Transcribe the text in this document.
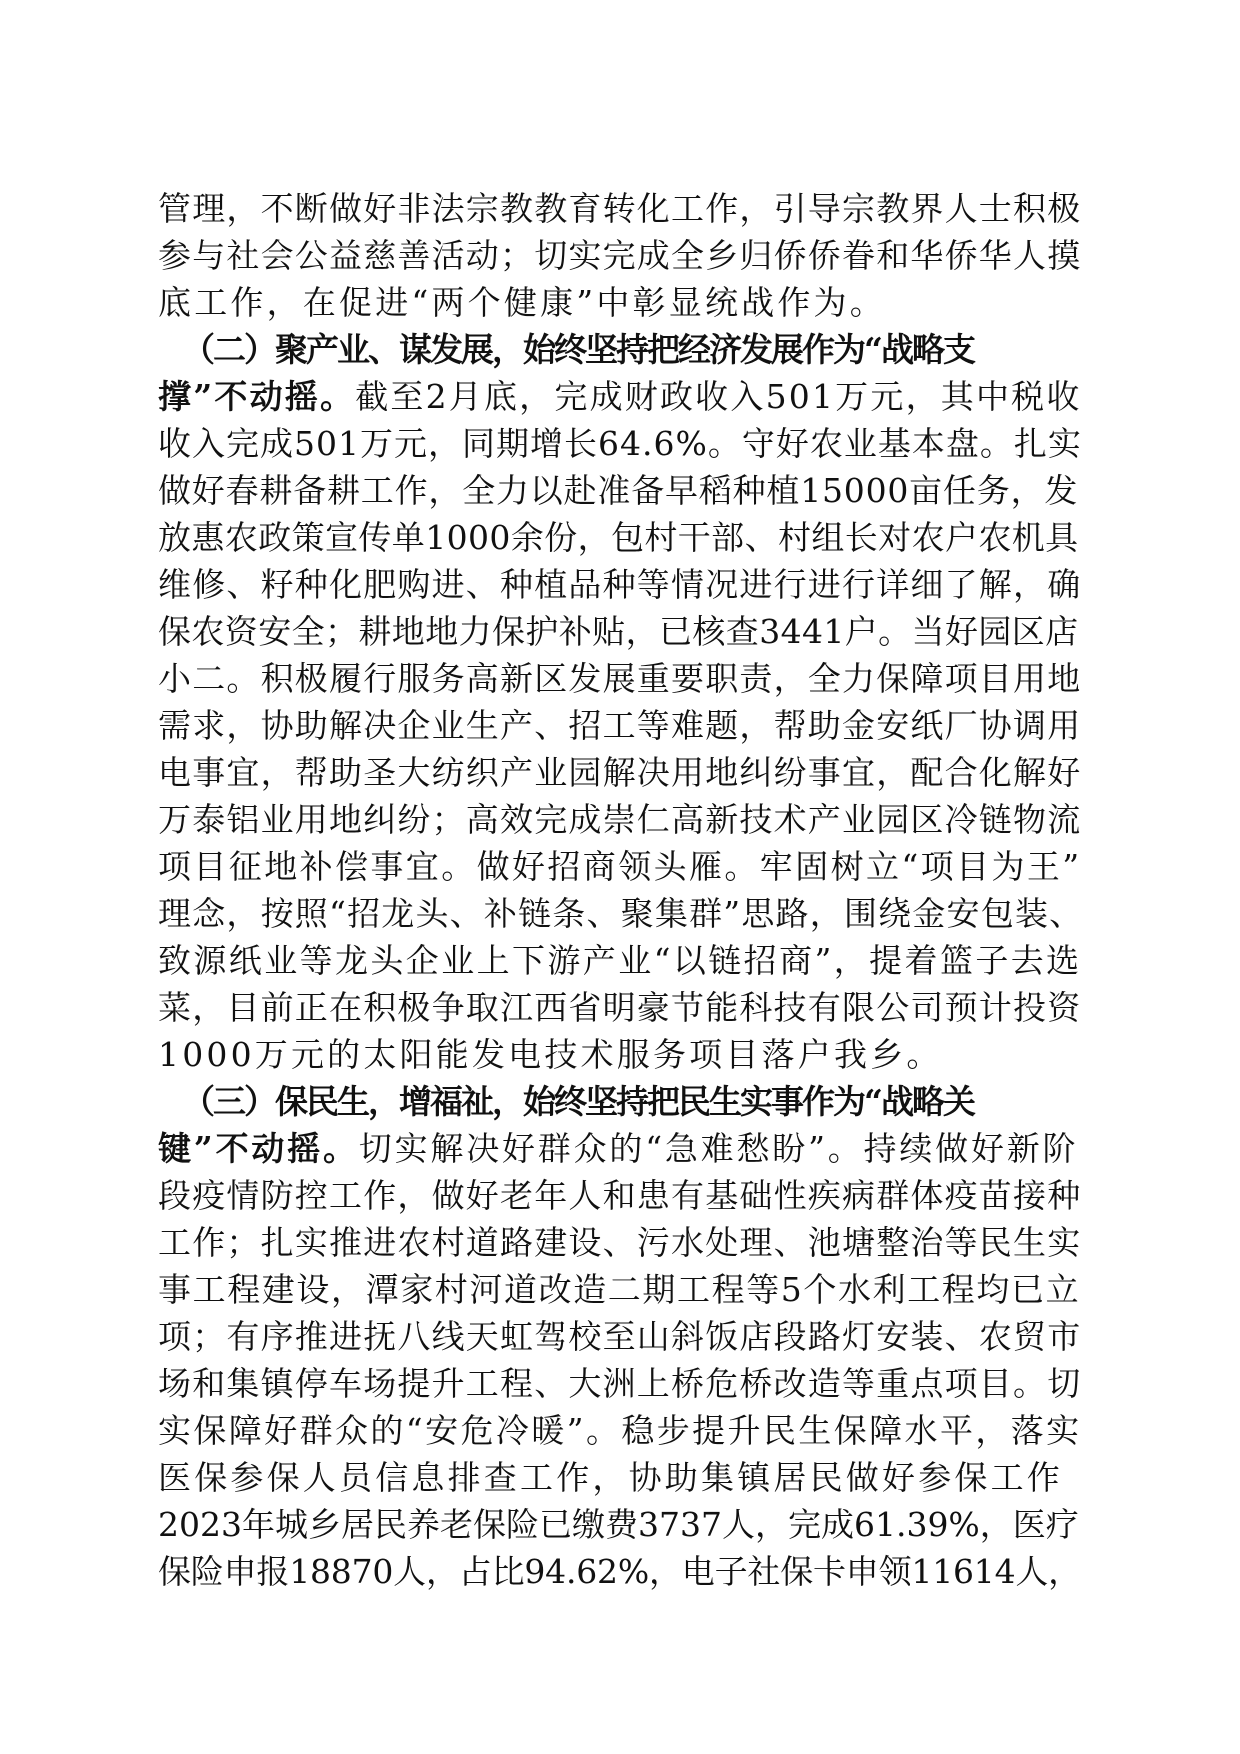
管理，不断做好非法宗教教育转化工作，引导宗教界人士积极
参与社会公益慈善活动；切实完成全乡归侨侨眷和华侨华人摸
底工作，在促进“两个健康”中彰显统战作为。
（二）聚产业、谋发展，始终坚持把经济发展作为“战略支
撑”不动摇。截至2月底，完成财政收入501万元，其中税收
收入完成501万元，同期增长64.6%。守好农业基本盘。扎实
做好春耕备耕工作，全力以赴准备早稻种植15000亩任务，发
放惠农政策宣传单1000余份，包村干部、村组长对农户农机具
维修、籽种化肥购进、种植品种等情况进行进行详细了解，确
保农资安全；耕地地力保护补贴，已核查3441户。当好园区店
小二。积极履行服务高新区发展重要职责，全力保障项目用地
需求，协助解决企业生产、招工等难题，帮助金安纸厂协调用
电事宜，帮助圣大纺织产业园解决用地纠纷事宜，配合化解好
万泰铝业用地纠纷；高效完成崇仁高新技术产业园区冷链物流
项目征地补偿事宜。做好招商领头雁。牢固树立“项目为王”
理念，按照“招龙头、补链条、聚集群”思路，围绕金安包装、
致源纸业等龙头企业上下游产业“以链招商”，提着篮子去选
菜，目前正在积极争取江西省明豪节能科技有限公司预计投资
1000万元的太阳能发电技术服务项目落户我乡。
（三）保民生，增福祉，始终坚持把民生实事作为“战略关
键”不动摇。切实解决好群众的“急难愁盼”。持续做好新阶
段疫情防控工作，做好老年人和患有基础性疾病群体疫苗接种
工作；扎实推进农村道路建设、污水处理、池塘整治等民生实
事工程建设，潭家村河道改造二期工程等5个水利工程均已立
项；有序推进抚八线天虹驾校至山斜饭店段路灯安装、农贸市
场和集镇停车场提升工程、大洲上桥危桥改造等重点项目。切
实保障好群众的“安危冷暖”。稳步提升民生保障水平，落实
医保参保人员信息排查工作，协助集镇居民做好参保工作
2023年城乡居民养老保险已缴费3737人，完成61.39%，医疗
保险申报18870人，占比94.62%，电子社保卡申领11614人，
